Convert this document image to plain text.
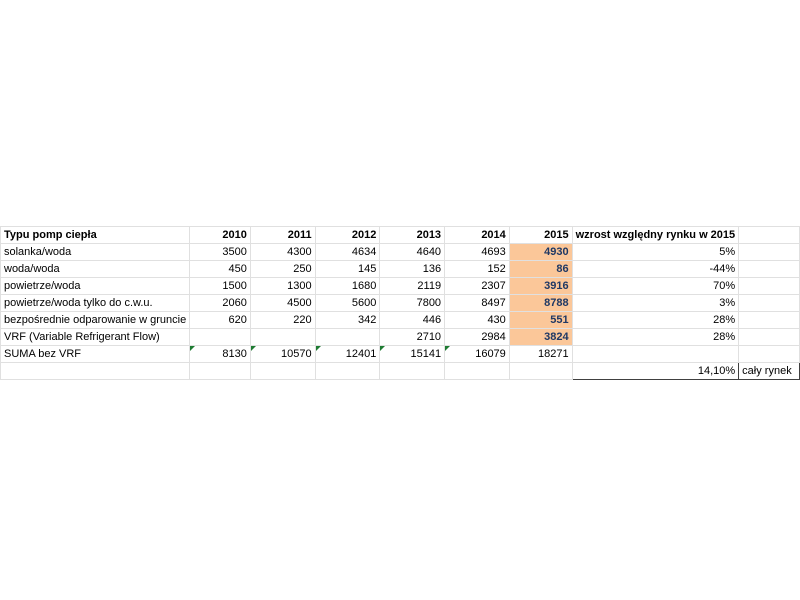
Typu pomp ciepła	2010	2011	2012	2013	2014	2015	wzrost względny rynku w 2015	
solanka/woda	3500	4300	4634	4640	4693	4930	5%	
woda/woda	450	250	145	136	152	86	-44%	
powietrze/woda	1500	1300	1680	2119	2307	3916	70%	
powietrze/woda tylko do c.w.u.	2060	4500	5600	7800	8497	8788	3%	
bezpośrednie odparowanie w gruncie	620	220	342	446	430	551	28%	
VRF (Variable Refrigerant Flow)				2710	2984	3824	28%	
SUMA bez VRF	8130	10570	12401	15141	16079	18271		
							14,10%	cały rynek
